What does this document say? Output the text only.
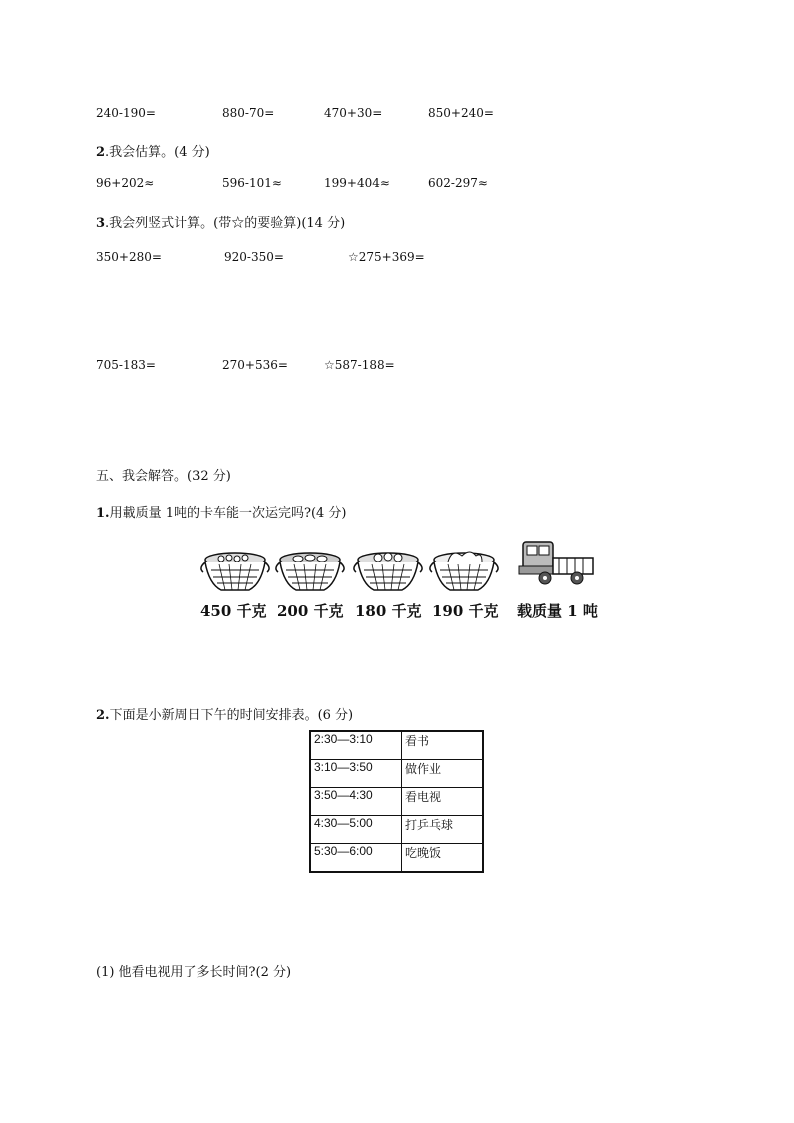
240-190=	880-70=	470+30=	850+240=
2.我会估算。(4 分)
96+202≈	596-101≈	199+404≈	602-297≈
3.我会列竖式计算。(带☆的要验算)(14 分)
350+280=	920-350=	☆275+369=
705-183=	270+536=	☆587-188=
五、我会解答。(32 分)
1.用載质量 1吨的卡车能一次运完吗?(4 分)
450 千克 200 千克 180 千克 190 千克 载质量 1 吨
2.下面是小新周日下午的时间安排表。(6 分)
2:30—3:10	看书
3:10—3:50	做作业
3:50—4:30	看电视
4:30—5:00	打乒乓球
5:30—6:00	吃晚饭
(1) 他看电视用了多长时间?(2 分)
